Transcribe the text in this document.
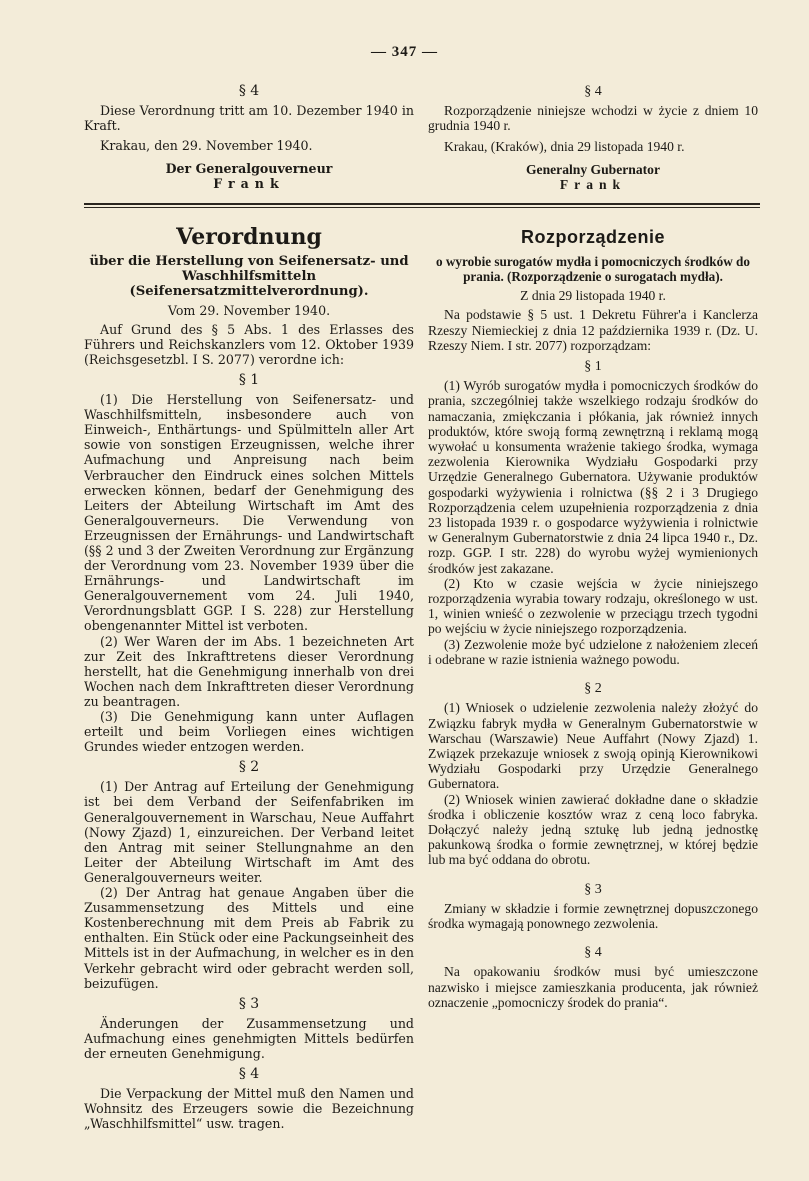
— 347 —

§ 4

Diese Verordnung tritt am 10. Dezember 1940 in Kraft.

Krakau, den 29. November 1940.

Der Generalgouverneur

Frank

Verordnung

über die Herstellung von Seifenersatz- und Waschhilfsmitteln (Seifenersatzmittelverordnung).

Vom 29. November 1940.

Auf Grund des § 5 Abs. 1 des Erlasses des Führers und Reichskanzlers vom 12. Oktober 1939 (Reichsgesetzbl. I S. 2077) verordne ich:

§ 1

(1) Die Herstellung von Seifenersatz- und Waschhilfsmitteln, insbesondere auch von Einweich-, Enthärtungs- und Spülmitteln aller Art sowie von sonstigen Erzeugnissen, welche ihrer Aufmachung und Anpreisung nach beim Verbraucher den Eindruck eines solchen Mittels erwecken können, bedarf der Genehmigung des Leiters der Abteilung Wirtschaft im Amt des Generalgouverneurs. Die Verwendung von Erzeugnissen der Ernährungs- und Landwirtschaft (§§ 2 und 3 der Zweiten Verordnung zur Ergänzung der Verordnung vom 23. November 1939 über die Ernährungs- und Landwirtschaft im Generalgouvernement vom 24. Juli 1940, Verordnungsblatt GGP. I S. 228) zur Herstellung obengenannter Mittel ist verboten.

(2) Wer Waren der im Abs. 1 bezeichneten Art zur Zeit des Inkrafttretens dieser Verordnung herstellt, hat die Genehmigung innerhalb von drei Wochen nach dem Inkrafttreten dieser Verordnung zu beantragen.

(3) Die Genehmigung kann unter Auflagen erteilt und beim Vorliegen eines wichtigen Grundes wieder entzogen werden.

§ 2

(1) Der Antrag auf Erteilung der Genehmigung ist bei dem Verband der Seifenfabriken im Generalgouvernement in Warschau, Neue Auffahrt (Nowy Zjazd) 1, einzureichen. Der Verband leitet den Antrag mit seiner Stellungnahme an den Leiter der Abteilung Wirtschaft im Amt des Generalgouverneurs weiter.

(2) Der Antrag hat genaue Angaben über die Zusammensetzung des Mittels und eine Kostenberechnung mit dem Preis ab Fabrik zu enthalten. Ein Stück oder eine Packungseinheit des Mittels ist in der Aufmachung, in welcher es in den Verkehr gebracht wird oder gebracht werden soll, beizufügen.

§ 3

Änderungen der Zusammensetzung und Aufmachung eines genehmigten Mittels bedürfen der erneuten Genehmigung.

§ 4

Die Verpackung der Mittel muß den Namen und Wohnsitz des Erzeugers sowie die Bezeichnung „Waschhilfsmittel“ usw. tragen.

§ 4

Rozporządzenie niniejsze wchodzi w życie z dniem 10 grudnia 1940 r.

Krakau, (Kraków), dnia 29 listopada 1940 r.

Generalny Gubernator

Frank

Rozporządzenie

o wyrobie surogatów mydła i pomocniczych środków do prania. (Rozporządzenie o surogatach mydła).

Z dnia 29 listopada 1940 r.

Na podstawie § 5 ust. 1 Dekretu Führer'a i Kanclerza Rzeszy Niemieckiej z dnia 12 października 1939 r. (Dz. U. Rzeszy Niem. I str. 2077) rozporządzam:

§ 1

(1) Wyrób surogatów mydła i pomocniczych środków do prania, szczególniej także wszelkiego rodzaju środków do namaczania, zmiękczania i płókania, jak również innych produktów, które swoją formą zewnętrzną i reklamą mogą wywołać u konsumenta wrażenie takiego środka, wymaga zezwolenia Kierownika Wydziału Gospodarki przy Urzędzie Generalnego Gubernatora. Używanie produktów gospodarki wyżywienia i rolnictwa (§§ 2 i 3 Drugiego Rozporządzenia celem uzupełnienia rozporządzenia z dnia 23 listopada 1939 r. o gospodarce wyżywienia i rolnictwie w Generalnym Gubernatorstwie z dnia 24 lipca 1940 r., Dz. rozp. GGP. I str. 228) do wyrobu wyżej wymienionych środków jest zakazane.

(2) Kto w czasie wejścia w życie niniejszego rozporządzenia wyrabia towary rodzaju, określonego w ust. 1, winien wnieść o zezwolenie w przeciągu trzech tygodni po wejściu w życie niniejszego rozporządzenia.

(3) Zezwolenie może być udzielone z nałożeniem zleceń i odebrane w razie istnienia ważnego powodu.

§ 2

(1) Wniosek o udzielenie zezwolenia należy złożyć do Związku fabryk mydła w Generalnym Gubernatorstwie w Warschau (Warszawie) Neue Auffahrt (Nowy Zjazd) 1. Związek przekazuje wniosek z swoją opinją Kierownikowi Wydziału Gospodarki przy Urzędzie Generalnego Gubernatora.

(2) Wniosek winien zawierać dokładne dane o składzie środka i obliczenie kosztów wraz z ceną loco fabryka. Dołączyć należy jedną sztukę lub jedną jednostkę pakunkową środka o formie zewnętrznej, w której będzie lub ma być oddana do obrotu.

§ 3

Zmiany w składzie i formie zewnętrznej dopuszczonego środka wymagają ponownego zezwolenia.

§ 4

Na opakowaniu środków musi być umieszczone nazwisko i miejsce zamieszkania producenta, jak również oznaczenie „pomocniczy środek do prania“.
